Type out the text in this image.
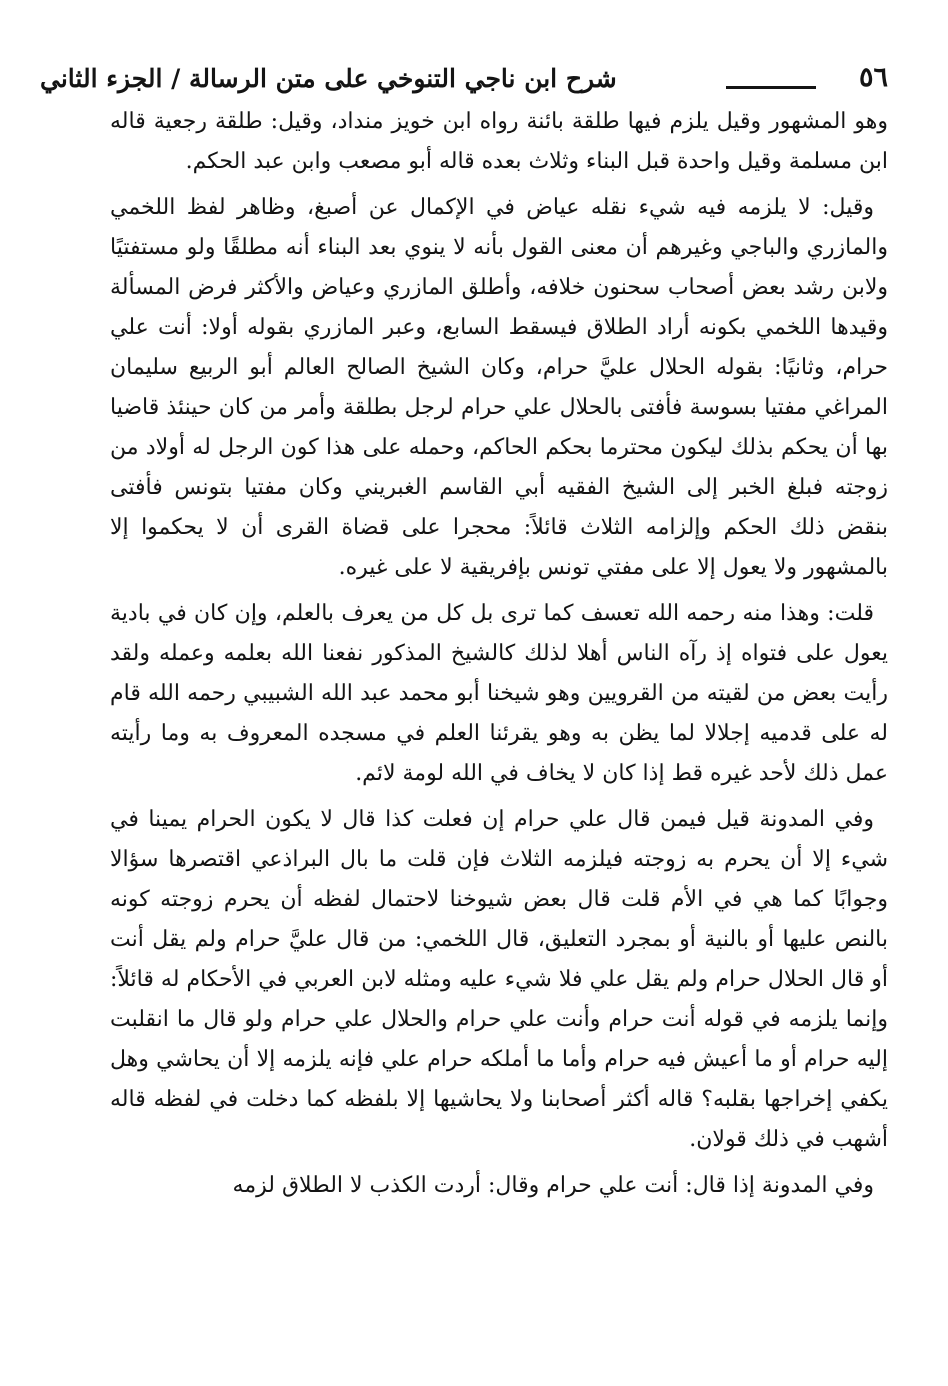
٥٦
شرح ابن ناجي التنوخي على متن الرسالة / الجزء الثاني

وهو المشهور وقيل يلزم فيها طلقة بائنة رواه ابن خويز منداد، وقيل: طلقة رجعية قاله ابن مسلمة وقيل واحدة قبل البناء وثلاث بعده قاله أبو مصعب وابن عبد الحكم.

وقيل: لا يلزمه فيه شيء نقله عياض في الإكمال عن أصبغ، وظاهر لفظ اللخمي والمازري والباجي وغيرهم أن معنى القول بأنه لا ينوي بعد البناء أنه مطلقًا ولو مستفتيًا ولابن رشد بعض أصحاب سحنون خلافه، وأطلق المازري وعياض والأكثر فرض المسألة وقيدها اللخمي بكونه أراد الطلاق فيسقط السابع، وعبر المازري بقوله أولا: أنت علي حرام، وثانيًا: بقوله الحلال عليَّ حرام، وكان الشيخ الصالح العالم أبو الربيع سليمان المراغي مفتيا بسوسة فأفتى بالحلال علي حرام لرجل بطلقة وأمر من كان حينئذ قاضيا بها أن يحكم بذلك ليكون محترما بحكم الحاكم، وحمله على هذا كون الرجل له أولاد من زوجته فبلغ الخبر إلى الشيخ الفقيه أبي القاسم الغبريني وكان مفتيا بتونس فأفتى بنقض ذلك الحكم وإلزامه الثلاث قائلاً: محجرا على قضاة القرى أن لا يحكموا إلا بالمشهور ولا يعول إلا على مفتي تونس بإفريقية لا على غيره.

قلت: وهذا منه رحمه الله تعسف كما ترى بل كل من يعرف بالعلم، وإن كان في بادية يعول على فتواه إذ رآه الناس أهلا لذلك كالشيخ المذكور نفعنا الله بعلمه وعمله ولقد رأيت بعض من لقيته من القرويين وهو شيخنا أبو محمد عبد الله الشبيبي رحمه الله قام له على قدميه إجلالا لما يظن به وهو يقرئنا العلم في مسجده المعروف به وما رأيته عمل ذلك لأحد غيره قط إذا كان لا يخاف في الله لومة لائم.

وفي المدونة قيل فيمن قال علي حرام إن فعلت كذا قال لا يكون الحرام يمينا في شيء إلا أن يحرم به زوجته فيلزمه الثلاث فإن قلت ما بال البراذعي اقتصرها سؤالا وجوابًا كما هي في الأم قلت قال بعض شيوخنا لاحتمال لفظه أن يحرم زوجته كونه بالنص عليها أو بالنية أو بمجرد التعليق، قال اللخمي: من قال عليَّ حرام ولم يقل أنت أو قال الحلال حرام ولم يقل علي فلا شيء عليه ومثله لابن العربي في الأحكام له قائلاً: وإنما يلزمه في قوله أنت حرام وأنت علي حرام والحلال علي حرام ولو قال ما انقلبت إليه حرام أو ما أعيش فيه حرام وأما ما أملكه حرام علي فإنه يلزمه إلا أن يحاشي وهل يكفي إخراجها بقلبه؟ قاله أكثر أصحابنا ولا يحاشيها إلا بلفظه كما دخلت في لفظه قاله أشهب في ذلك قولان.

وفي المدونة إذا قال: أنت علي حرام وقال: أردت الكذب لا الطلاق لزمه
